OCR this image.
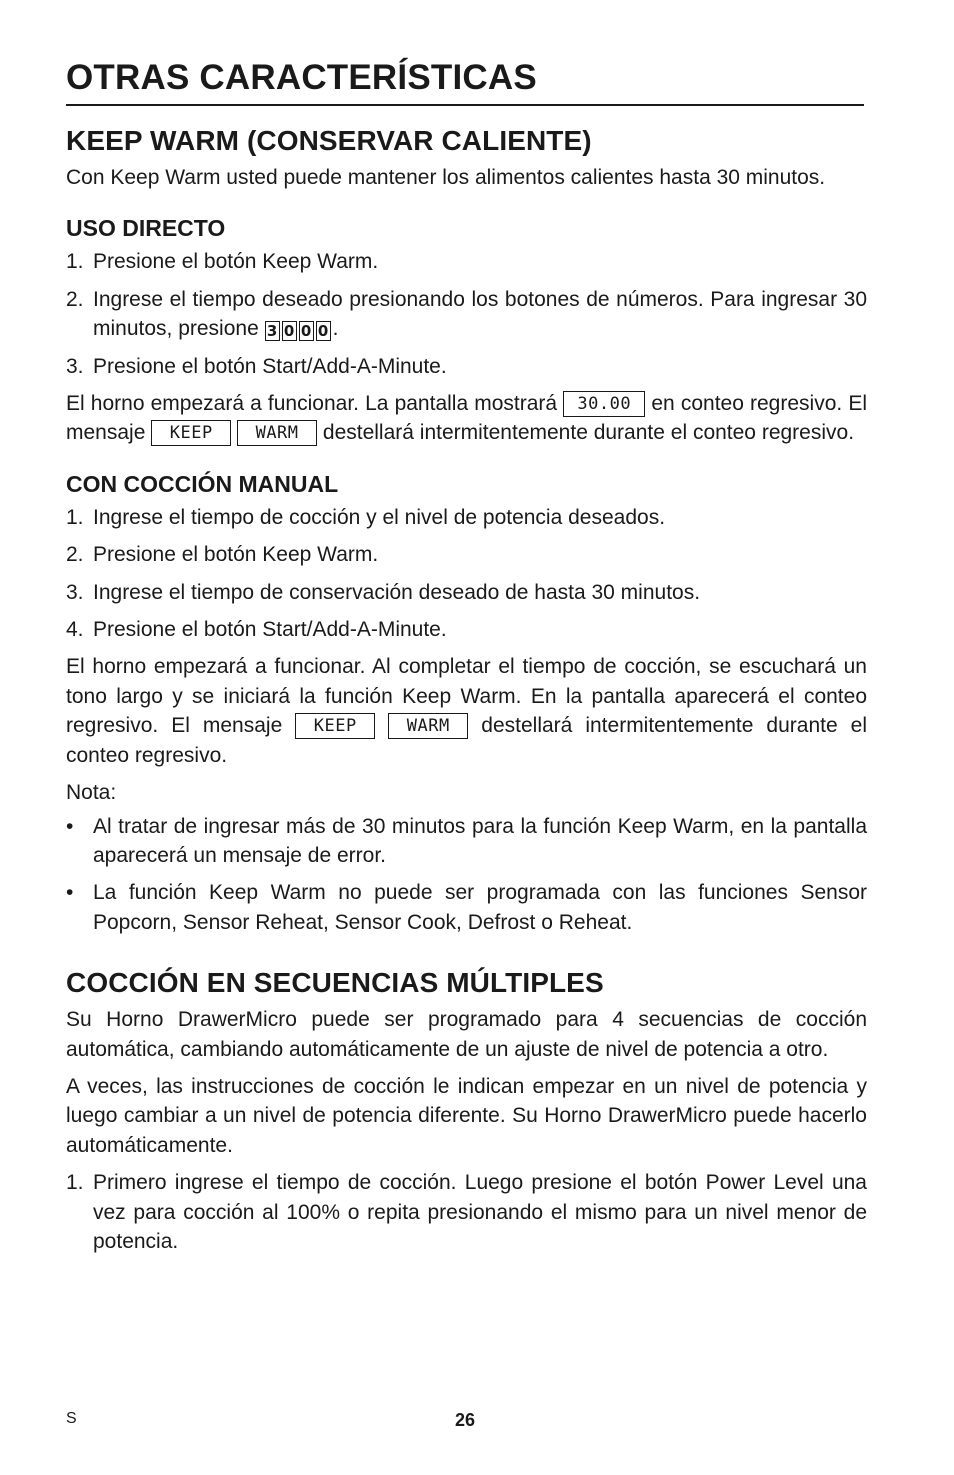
OTRAS CARACTERÍSTICAS
KEEP WARM (CONSERVAR CALIENTE)

Con Keep Warm usted puede mantener los alimentos calientes hasta 30 minutos.

USO DIRECTO
1. Presione el botón Keep Warm.
2. Ingrese el tiempo deseado presionando los botones de números. Para ingresar 30 minutos, presione 3 0 0 0 .
3. Presione el botón Start/Add-A-Minute.

El horno empezará a funcionar. La pantalla mostrará 30.00 en conteo regresivo. El mensaje KEEP	WARM destellará intermitentemente durante el conteo regresivo.

CON COCCIÓN MANUAL
1. Ingrese el tiempo de cocción y el nivel de potencia deseados.
2. Presione el botón Keep Warm.
3. Ingrese el tiempo de conservación deseado de hasta 30 minutos.
4. Presione el botón Start/Add-A-Minute.

El horno empezará a funcionar. Al completar el tiempo de cocción, se escuchará un tono largo y se iniciará la función Keep Warm. En la pantalla aparecerá el conteo regresivo. El mensaje KEEP	WARM destellará intermitentemente durante el conteo regresivo.

Nota:

• Al tratar de ingresar más de 30 minutos para la función Keep Warm, en la pantalla aparecerá un mensaje de error.
• La función Keep Warm no puede ser programada con las funciones Sensor Popcorn, Sensor Reheat, Sensor Cook, Defrost o Reheat.
COCCIÓN EN SECUENCIAS MÚLTIPLES

Su Horno DrawerMicro puede ser programado para 4 secuencias de cocción automática, cambiando automáticamente de un ajuste de nivel de potencia a otro.

A veces, las instrucciones de cocción le indican empezar en un nivel de potencia y luego cambiar a un nivel de potencia diferente. Su Horno DrawerMicro puede hacerlo automáticamente.

1. Primero ingrese el tiempo de cocción. Luego presione el botón Power Level una vez para cocción al 100% o repita presionando el mismo para un nivel menor de potencia.
S	26
